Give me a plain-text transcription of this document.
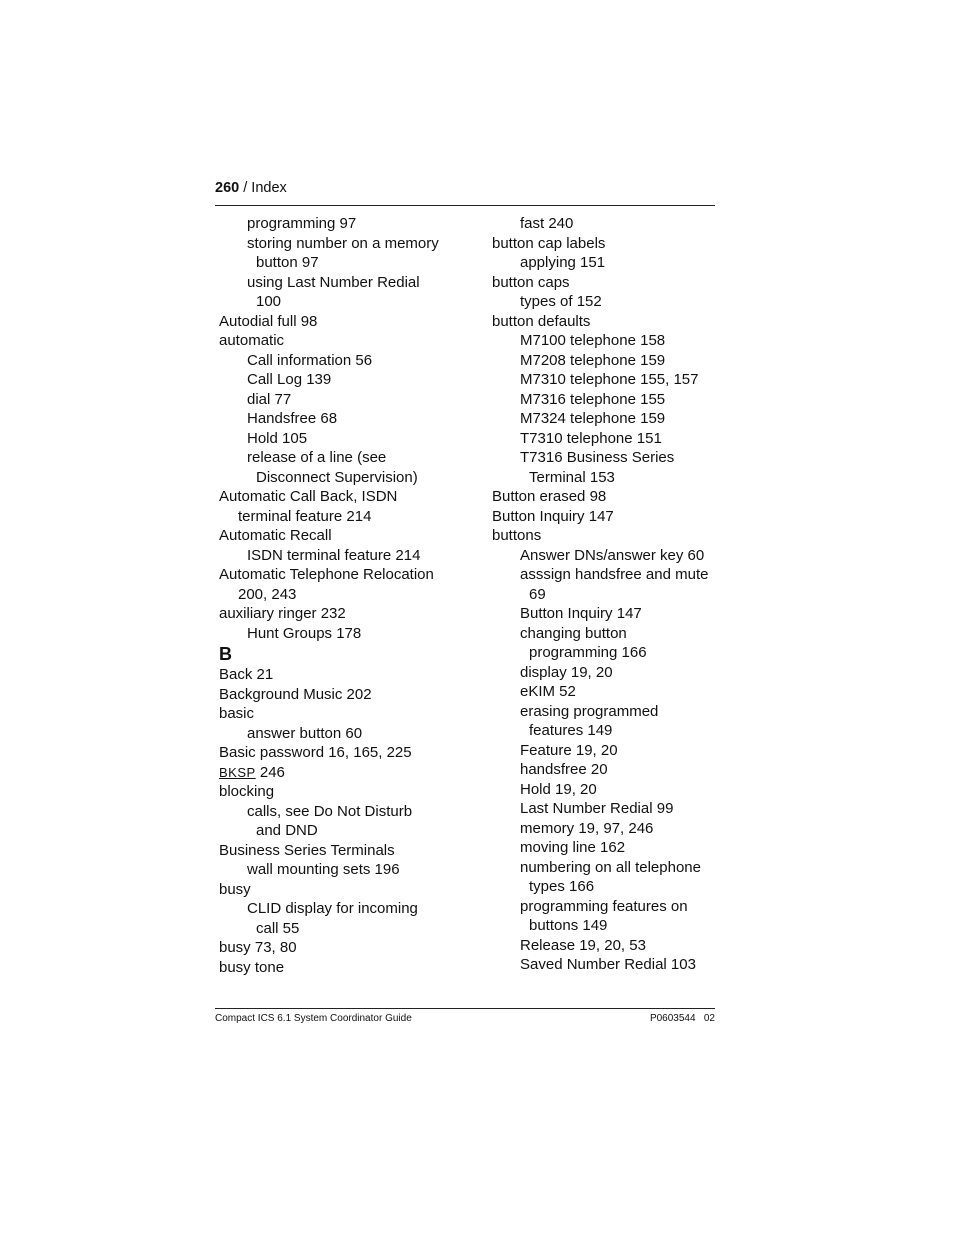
260 / Index
programming 97
storing number on a memory
button 97
using Last Number Redial
100
Autodial full 98
automatic
Call information 56
Call Log 139
dial 77
Handsfree 68
Hold 105
release of a line (see
Disconnect Supervision)
Automatic Call Back, ISDN
terminal feature 214
Automatic Recall
ISDN terminal feature 214
Automatic Telephone Relocation
200, 243
auxiliary ringer 232
Hunt Groups 178
B
Back 21
Background Music 202
basic
answer button 60
Basic password 16, 165, 225
BKSP 246
blocking
calls, see Do Not Disturb
and DND
Business Series Terminals
wall mounting sets 196
busy
CLID display for incoming
call 55
busy 73, 80
busy tone
fast 240
button cap labels
applying 151
button caps
types of 152
button defaults
M7100 telephone 158
M7208 telephone 159
M7310 telephone 155, 157
M7316 telephone 155
M7324 telephone 159
T7310 telephone 151
T7316 Business Series
Terminal 153
Button erased 98
Button Inquiry 147
buttons
Answer DNs/answer key 60
asssign handsfree and mute
69
Button Inquiry 147
changing button
programming 166
display 19, 20
eKIM 52
erasing programmed
features 149
Feature 19, 20
handsfree 20
Hold 19, 20
Last Number Redial 99
memory 19, 97, 246
moving line 162
numbering on all telephone
types 166
programming features on
buttons 149
Release 19, 20, 53
Saved Number Redial 103
Compact ICS 6.1 System Coordinator Guide	P0603544   02
